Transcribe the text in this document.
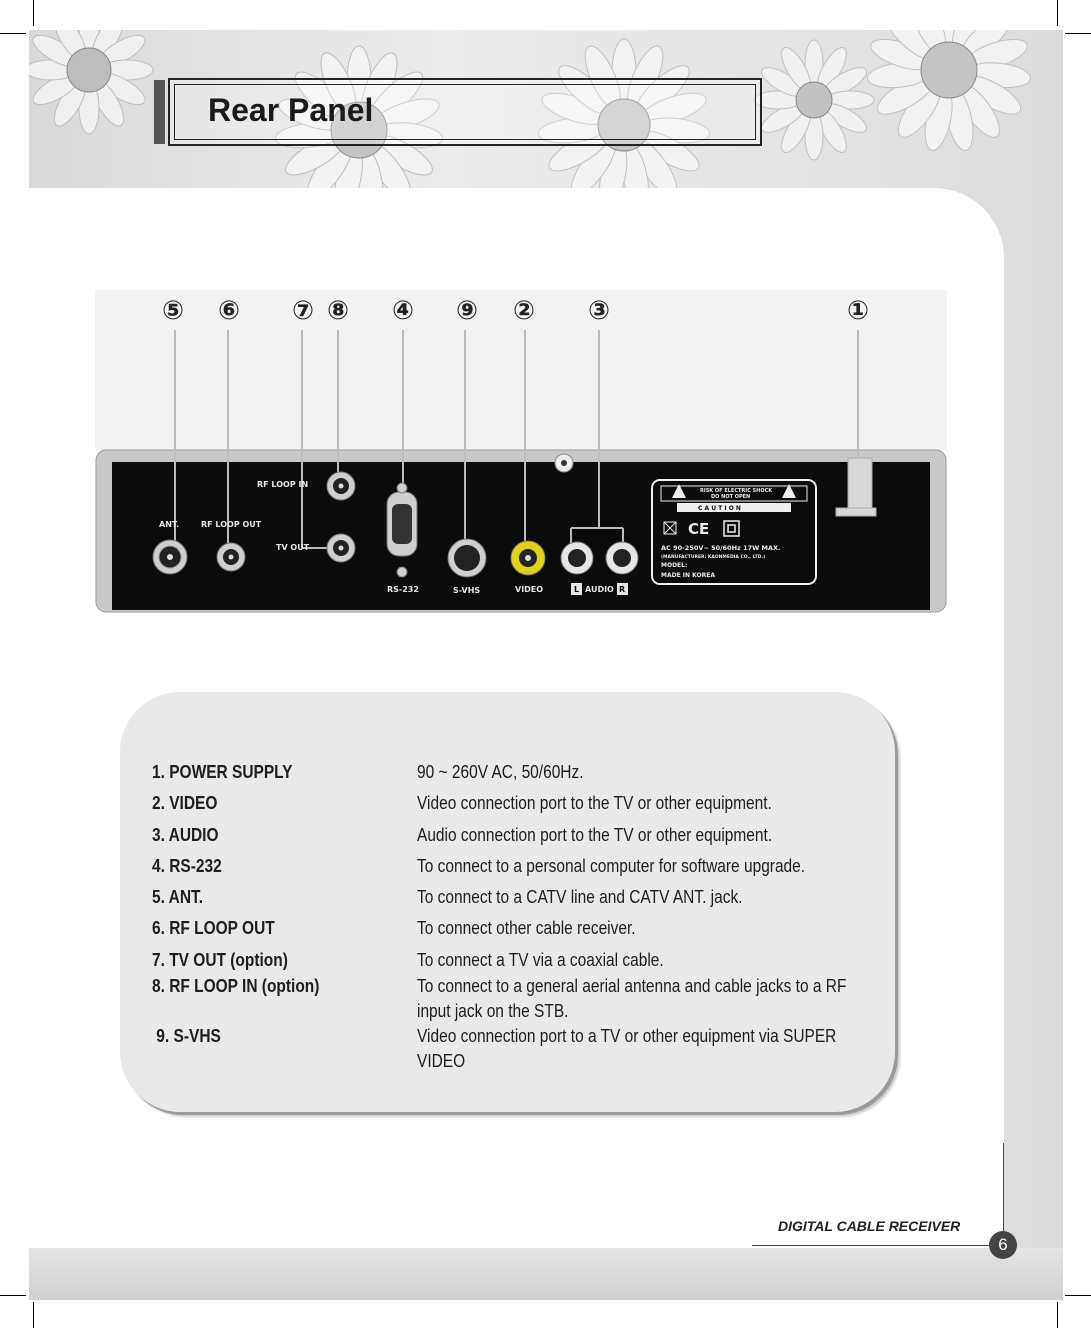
Rear Panel
⑤ ⑥ ⑦ ⑧ ④ ⑨ ② ③	①
ANT.	RF LOOP OUT
RF LOOP IN
TV OUT
RS-232	S-VHS	VIDEO	L AUDIO R
RISK OF ELECTRIC SHOCK
DO NOT OPEN
C A U T I O N
CE
AC 90-250V~ 50/60Hz 17W MAX.
(MANUFACTURER: KAONMEDIA CO., LTD.)
MODEL:
MADE IN KOREA
1. POWER SUPPLY	90 ~ 260V AC, 50/60Hz.
2. VIDEO	Video connection port to the TV or other equipment.
3. AUDIO	Audio connection port to the TV or other equipment.
4. RS-232	To connect to a personal computer for software upgrade.
5. ANT.	To connect to a CATV line and CATV ANT. jack.
6. RF LOOP OUT	To connect other cable receiver.
7. TV OUT (option)	To connect a TV via a coaxial cable.
8. RF LOOP IN (option)	To connect to a general aerial antenna and cable jacks to a RF input jack on the STB.
9. S-VHS	Video connection port to a TV or other equipment via SUPER VIDEO
DIGITAL CABLE RECEIVER
6
